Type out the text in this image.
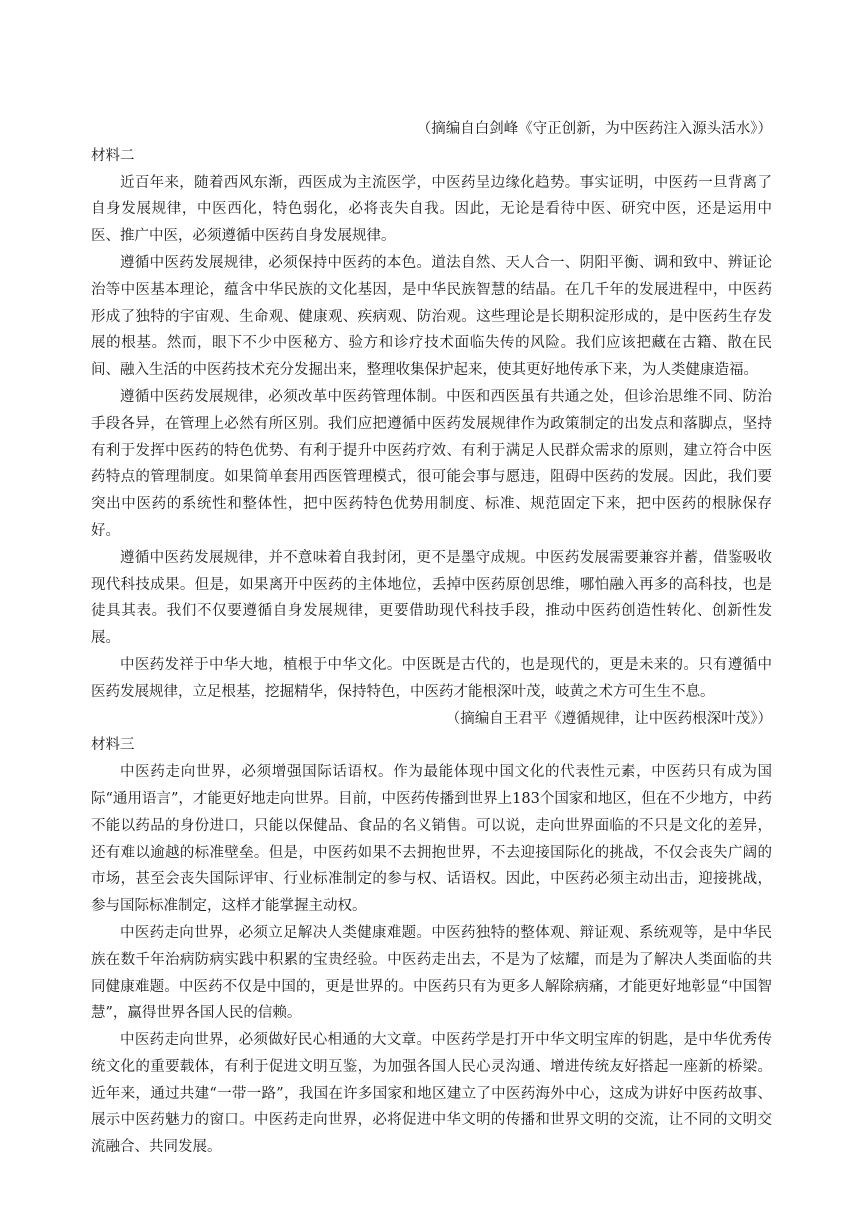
（摘编自白剑峰《守正创新，为中医药注入源头活水》）
材料二

近百年来，随着西风东渐，西医成为主流医学，中医药呈边缘化趋势。事实证明，中医药一旦背离了自身发展规律，中医西化，特色弱化，必将丧失自我。因此，无论是看待中医、研究中医，还是运用中医、推广中医，必须遵循中医药自身发展规律。

遵循中医药发展规律，必须保持中医药的本色。道法自然、天人合一、阴阳平衡、调和致中、辨证论治等中医基本理论，蕴含中华民族的文化基因，是中华民族智慧的结晶。在几千年的发展进程中，中医药形成了独特的宇宙观、生命观、健康观、疾病观、防治观。这些理论是长期积淀形成的，是中医药生存发展的根基。然而，眼下不少中医秘方、验方和诊疗技术面临失传的风险。我们应该把藏在古籍、散在民间、融入生活的中医药技术充分发掘出来，整理收集保护起来，使其更好地传承下来，为人类健康造福。

遵循中医药发展规律，必须改革中医药管理体制。中医和西医虽有共通之处，但诊治思维不同、防治手段各异，在管理上必然有所区别。我们应把遵循中医药发展规律作为政策制定的出发点和落脚点，坚持有利于发挥中医药的特色优势、有利于提升中医药疗效、有利于满足人民群众需求的原则，建立符合中医药特点的管理制度。如果简单套用西医管理模式，很可能会事与愿违，阻碍中医药的发展。因此，我们要突出中医药的系统性和整体性，把中医药特色优势用制度、标准、规范固定下来，把中医药的根脉保存好。

遵循中医药发展规律，并不意味着自我封闭，更不是墨守成规。中医药发展需要兼容并蓄，借鉴吸收现代科技成果。但是，如果离开中医药的主体地位，丢掉中医药原创思维，哪怕融入再多的高科技，也是徒具其表。我们不仅要遵循自身发展规律，更要借助现代科技手段，推动中医药创造性转化、创新性发展。

中医药发祥于中华大地，植根于中华文化。中医既是古代的，也是现代的，更是未来的。只有遵循中医药发展规律，立足根基，挖掘精华，保持特色，中医药才能根深叶茂，岐黄之术方可生生不息。

（摘编自王君平《遵循规律，让中医药根深叶茂》）
材料三

中医药走向世界，必须增强国际话语权。作为最能体现中国文化的代表性元素，中医药只有成为国际“通用语言”，才能更好地走向世界。目前，中医药传播到世界上183个国家和地区，但在不少地方，中药不能以药品的身份进口，只能以保健品、食品的名义销售。可以说，走向世界面临的不只是文化的差异，还有难以逾越的标准壁垒。但是，中医药如果不去拥抱世界，不去迎接国际化的挑战，不仅会丧失广阔的市场，甚至会丧失国际评审、行业标准制定的参与权、话语权。因此，中医药必须主动出击，迎接挑战，参与国际标准制定，这样才能掌握主动权。

中医药走向世界，必须立足解决人类健康难题。中医药独特的整体观、辩证观、系统观等，是中华民族在数千年治病防病实践中积累的宝贵经验。中医药走出去，不是为了炫耀，而是为了解决人类面临的共同健康难题。中医药不仅是中国的，更是世界的。中医药只有为更多人解除病痛，才能更好地彰显“中国智慧”，赢得世界各国人民的信赖。

中医药走向世界，必须做好民心相通的大文章。中医药学是打开中华文明宝库的钥匙，是中华优秀传统文化的重要载体，有利于促进文明互鉴，为加强各国人民心灵沟通、增进传统友好搭起一座新的桥梁。近年来，通过共建“一带一路”，我国在许多国家和地区建立了中医药海外中心，这成为讲好中医药故事、展示中医药魅力的窗口。中医药走向世界，必将促进中华文明的传播和世界文明的交流，让不同的文明交流融合、共同发展。
